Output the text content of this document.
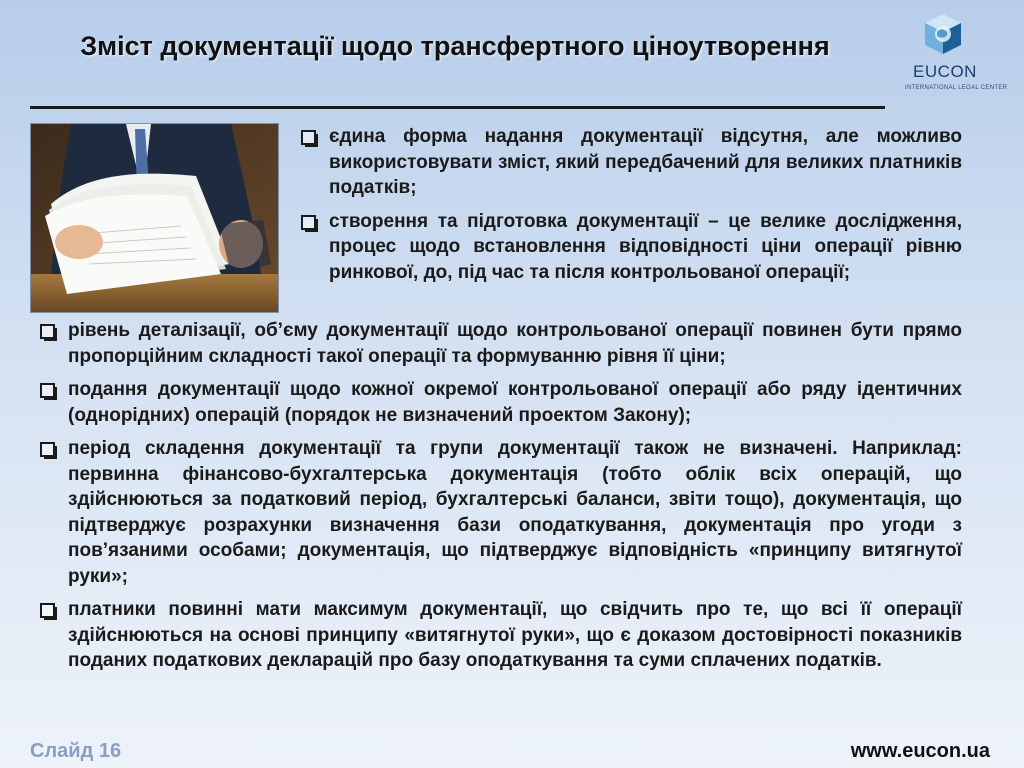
Зміст документації щодо трансфертного ціноутворення
EUCON
INTERNATIONAL LEGAL CENTER
єдина форма надання документації відсутня, але можливо використовувати зміст, який передбачений для великих платників податків;
створення та підготовка документації – це велике дослідження, процес щодо встановлення відповідності ціни операції рівню ринкової, до, під час та після контрольованої операції;
рівень деталізації, об’єму документації щодо контрольованої операції повинен бути прямо пропорційним складності такої операції та формуванню рівня її ціни;
подання документації щодо кожної окремої контрольованої операції або ряду ідентичних (однорідних) операцій (порядок не визначений проектом Закону);
період складення документації та групи документації також не визначені. Наприклад: первинна фінансово-бухгалтерська документація (тобто облік всіх операцій, що здійснюються за податковий період, бухгалтерські баланси, звіти тощо), документація, що підтверджує розрахунки визначення бази оподаткування, документація про угоди з пов’язаними особами; документація, що підтверджує відповідність «принципу витягнутої руки»;
платники повинні мати максимум документації, що свідчить про те, що всі її операції здійснюються на основі принципу «витягнутої руки», що є доказом достовірності показників поданих податкових декларацій про базу оподаткування та суми сплачених податків.
Слайд 16	www.eucon.ua
